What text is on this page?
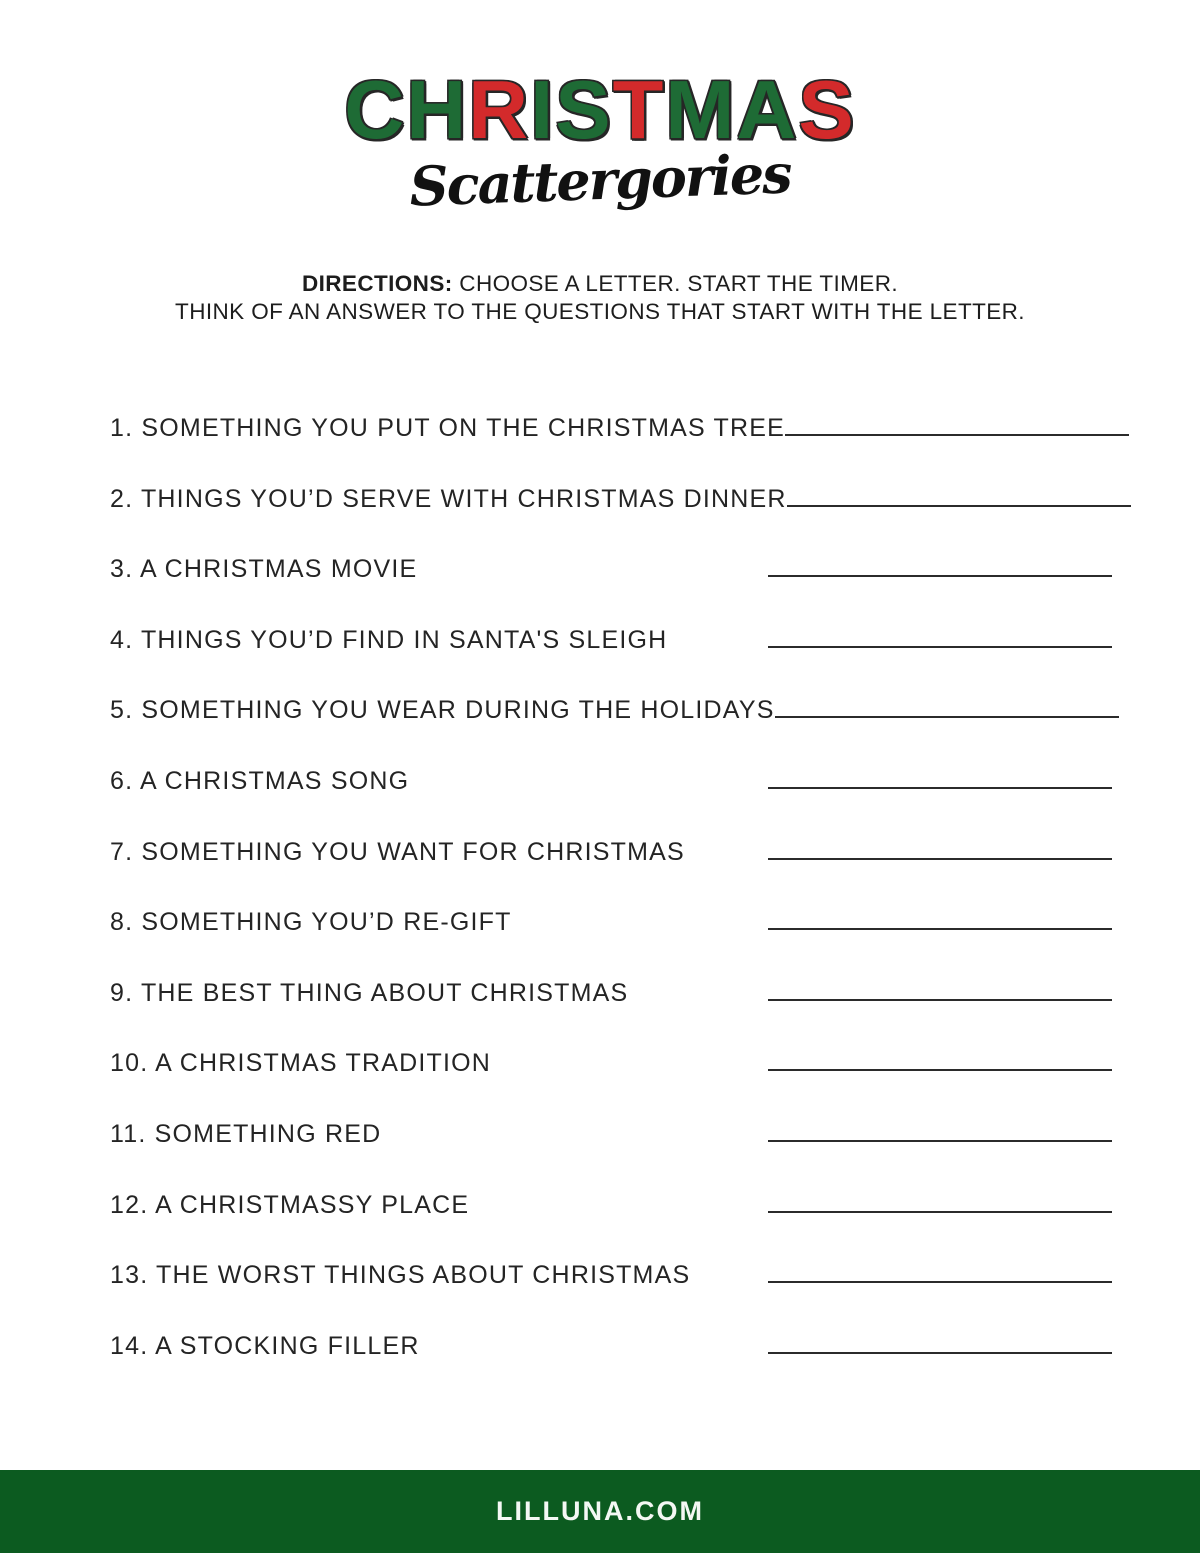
CHRISTMAS
Scattergories

DIRECTIONS: CHOOSE A LETTER. START THE TIMER.

THINK OF AN ANSWER TO THE QUESTIONS THAT START WITH THE LETTER.

1. SOMETHING YOU PUT ON THE CHRISTMAS TREE
2. THINGS YOU’D SERVE WITH CHRISTMAS DINNER
3. A CHRISTMAS MOVIE
4. THINGS YOU’D FIND IN SANTA'S SLEIGH
5. SOMETHING YOU WEAR DURING THE HOLIDAYS
6. A CHRISTMAS SONG
7. SOMETHING YOU WANT FOR CHRISTMAS
8. SOMETHING YOU’D RE-GIFT
9. THE BEST THING ABOUT CHRISTMAS
10. A CHRISTMAS TRADITION
11. SOMETHING RED
12. A CHRISTMASSY PLACE
13. THE WORST THINGS ABOUT CHRISTMAS
14. A STOCKING FILLER
LILLUNA.COM
